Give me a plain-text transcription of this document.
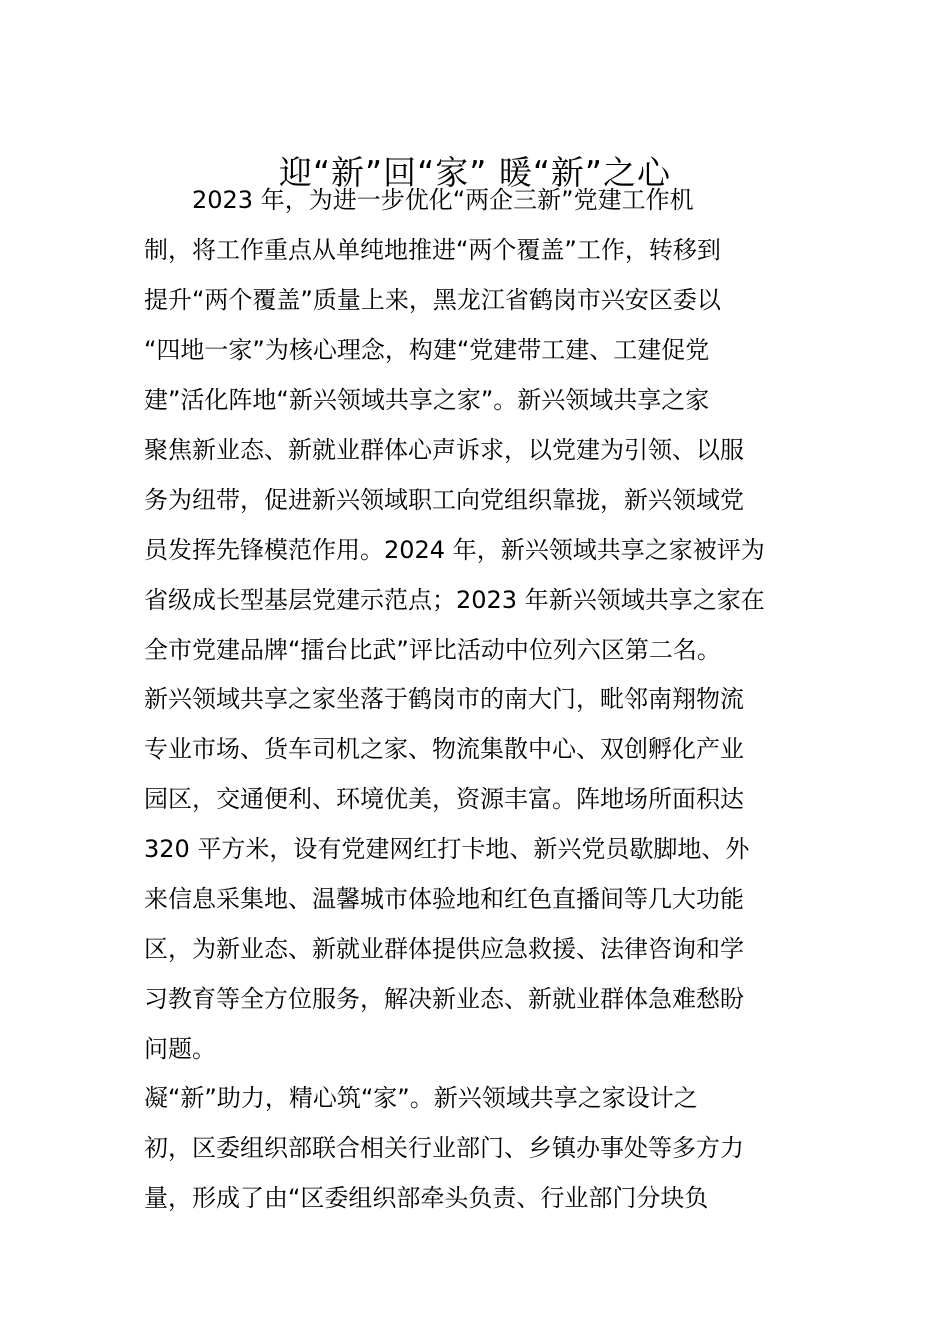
迎“新”回“家” 暖“新”之心
　　2023 年，为进一步优化“两企三新”党建工作机
制，将工作重点从单纯地推进“两个覆盖”工作，转移到
提升“两个覆盖”质量上来，黑龙江省鹤岗市兴安区委以
“四地一家”为核心理念，构建“党建带工建、工建促党
建”活化阵地“新兴领域共享之家”。新兴领域共享之家
聚焦新业态、新就业群体心声诉求，以党建为引领、以服
务为纽带，促进新兴领域职工向党组织靠拢，新兴领域党
员发挥先锋模范作用。2024 年，新兴领域共享之家被评为
省级成长型基层党建示范点；2023 年新兴领域共享之家在
全市党建品牌“擂台比武”评比活动中位列六区第二名。
新兴领域共享之家坐落于鹤岗市的南大门，毗邻南翔物流
专业市场、货车司机之家、物流集散中心、双创孵化产业
园区，交通便利、环境优美，资源丰富。阵地场所面积达
320 平方米，设有党建网红打卡地、新兴党员歇脚地、外
来信息采集地、温馨城市体验地和红色直播间等几大功能
区，为新业态、新就业群体提供应急救援、法律咨询和学
习教育等全方位服务，解决新业态、新就业群体急难愁盼
问题。
凝“新”助力，精心筑“家”。新兴领域共享之家设计之
初，区委组织部联合相关行业部门、乡镇办事处等多方力
量，形成了由“区委组织部牵头负责、行业部门分块负
